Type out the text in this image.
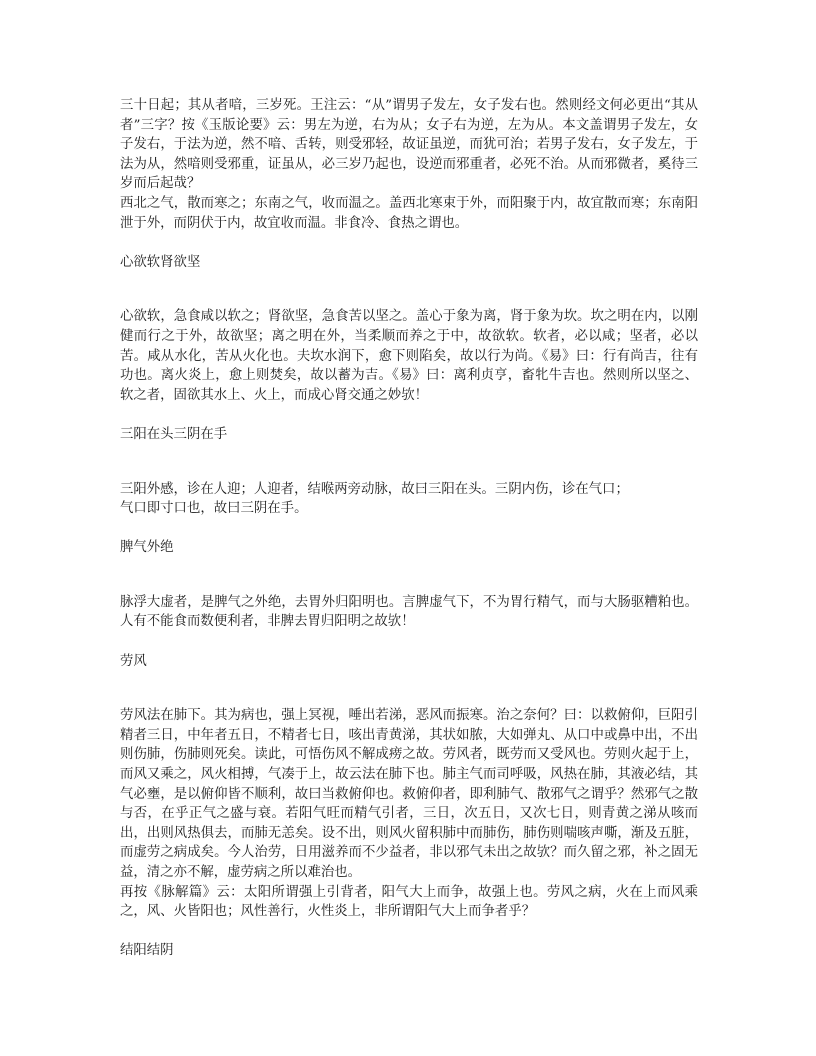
三十日起；其从者喑，三岁死。王注云：“从”谓男子发左，女子发右也。然则经文何必更出“其从者”三字？按《玉版论要》云：男左为逆，右为从；女子右为逆，左为从。本文盖谓男子发左，女子发右，于法为逆，然不喑、舌转，则受邪轻，故证虽逆，而犹可治；若男子发右，女子发左，于法为从，然喑则受邪重，证虽从，必三岁乃起也，设逆而邪重者，必死不治。从而邪微者，奚待三岁而后起哉？

西北之气，散而寒之；东南之气，收而温之。盖西北寒束于外，而阳聚于内，故宜散而寒；东南阳泄于外，而阴伏于内，故宜收而温。非食冷、食热之谓也。

心欲软肾欲坚

心欲软，急食咸以软之；肾欲坚，急食苦以坚之。盖心于象为离，肾于象为坎。坎之明在内，以刚健而行之于外，故欲坚；离之明在外，当柔顺而养之于中，故欲软。软者，必以咸；坚者，必以苦。咸从水化，苦从火化也。夫坎水润下，愈下则陷矣，故以行为尚。《易》曰：行有尚吉，往有功也。离火炎上，愈上则焚矣，故以蓄为吉。《易》曰：离利贞亨，畜牝牛吉也。然则所以坚之、软之者，固欲其水上、火上，而成心肾交通之妙欤！

三阳在头三阴在手

三阳外感，诊在人迎；人迎者，结喉两旁动脉，故曰三阳在头。三阴内伤，诊在气口；

气口即寸口也，故曰三阴在手。

脾气外绝

脉浮大虚者，是脾气之外绝，去胃外归阳明也。言脾虚气下，不为胃行精气，而与大肠驱糟粕也。人有不能食而数便利者，非脾去胃归阳明之故欤！

劳风

劳风法在肺下。其为病也，强上冥视，唾出若涕，恶风而振寒。治之奈何？曰：以救俯仰，巨阳引精者三日，中年者五日，不精者七日，咳出青黄涕，其状如脓，大如弹丸、从口中或鼻中出，不出则伤肺，伤肺则死矣。读此，可悟伤风不解成痨之故。劳风者，既劳而又受风也。劳则火起于上，而风又乘之，风火相搏，气凑于上，故云法在肺下也。肺主气而司呼吸，风热在肺，其液必结，其气必壅，是以俯仰皆不顺利，故曰当救俯仰也。救俯仰者，即利肺气、散邪气之谓乎？然邪气之散与否，在乎正气之盛与衰。若阳气旺而精气引者，三日，次五日，又次七日，则青黄之涕从咳而出，出则风热俱去，而肺无恙矣。设不出，则风火留积肺中而肺伤，肺伤则喘咳声嘶，渐及五脏，而虚劳之病成矣。今人治劳，日用滋养而不少益者，非以邪气未出之故欤？而久留之邪，补之固无益，清之亦不解，虚劳病之所以难治也。

再按《脉解篇》云：太阳所谓强上引背者，阳气大上而争，故强上也。劳风之病，火在上而风乘之，风、火皆阳也；风性善行，火性炎上，非所谓阳气大上而争者乎？

结阳结阴
